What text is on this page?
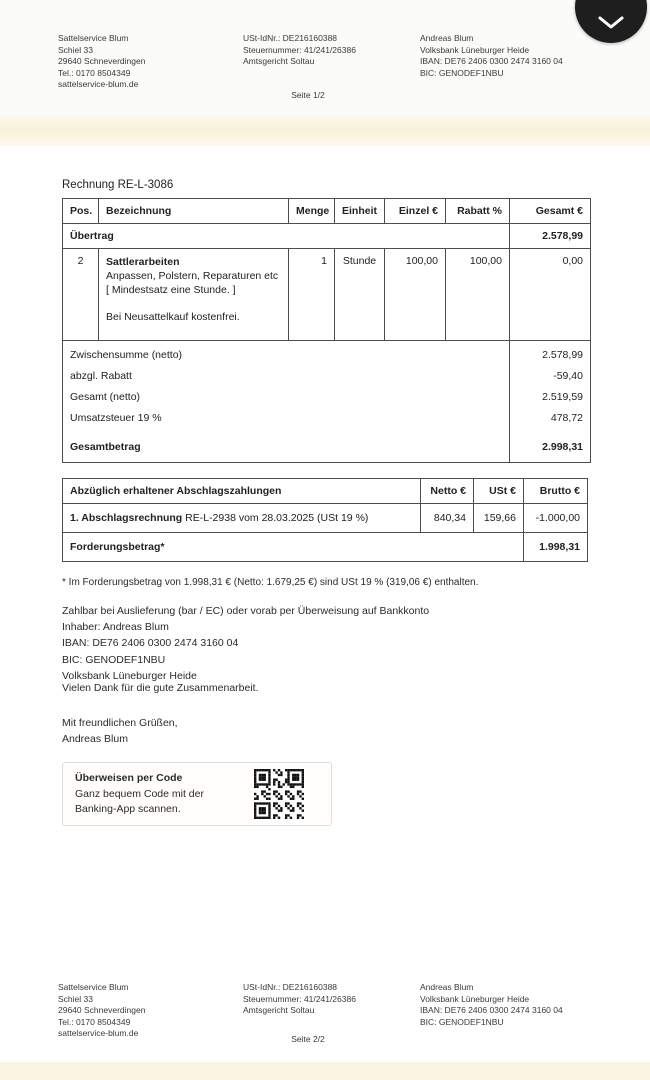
Sattelservice Blum
Schiel 33
29640 Schneverdingen
Tel.: 0170 8504349
sattelservice-blum.de
USt-IdNr.: DE216160388
Steuernummer: 41/241/26386
Amtsgericht Soltau
Andreas Blum
Volksbank Lüneburger Heide
IBAN: DE76 2406 0300 2474 3160 04
BIC: GENODEF1NBU
Seite 1/2
Rechnung RE-L-3086
Pos.	Bezeichnung	Menge	Einheit	Einzel €	Rabatt %	Gesamt €
Übertrag						2.578,99
2	Sattlerarbeiten
Anpassen, Polstern, Reparaturen etc
[ Mindestsatz eine Stunde. ]
Bei Neusattelkauf kostenfrei.	1	Stunde	100,00	100,00	0,00
Zwischensumme (netto)						2.578,99
abzgl. Rabatt						-59,40
Gesamt (netto)						2.519,59
Umsatzsteuer 19 %						478,72
Gesamtbetrag						2.998,31
Abzüglich erhaltener Abschlagszahlungen	Netto €	USt €	Brutto €
1. Abschlagsrechnung RE-L-2938 vom 28.03.2025 (USt 19 %)	840,34	159,66	-1.000,00
Forderungsbetrag*			1.998,31
* Im Forderungsbetrag von 1.998,31 € (Netto: 1.679,25 €) sind USt 19 % (319,06 €) enthalten.
Zahlbar bei Auslieferung (bar / EC) oder vorab per Überweisung auf Bankkonto
Inhaber: Andreas Blum
IBAN: DE76 2406 0300 2474 3160 04
BIC: GENODEF1NBU
Volksbank Lüneburger Heide
Vielen Dank für die gute Zusammenarbeit.
Mit freundlichen Grüßen,
Andreas Blum
Überweisen per Code
Ganz bequem Code mit der
Banking-App scannen.
Sattelservice Blum
Schiel 33
29640 Schneverdingen
Tel.: 0170 8504349
sattelservice-blum.de
USt-IdNr.: DE216160388
Steuernummer: 41/241/26386
Amtsgericht Soltau
Andreas Blum
Volksbank Lüneburger Heide
IBAN: DE76 2406 0300 2474 3160 04
BIC: GENODEF1NBU
Seite 2/2
